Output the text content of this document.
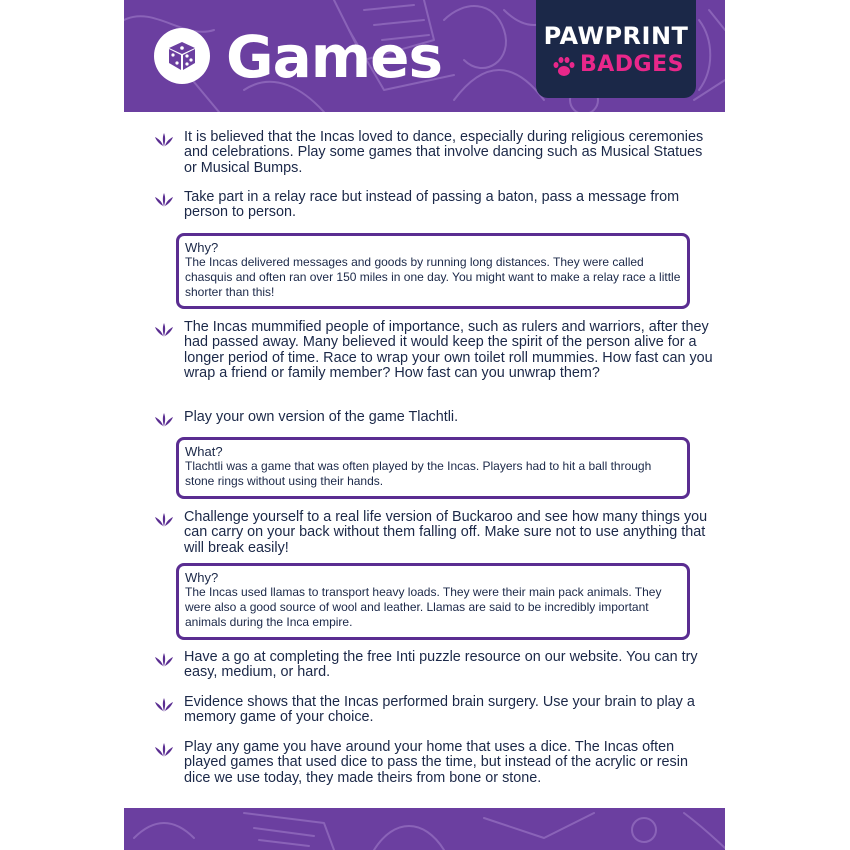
Games	PAWPRINT
BADGES
It is believed that the Incas loved to dance, especially during religious ceremonies and celebrations. Play some games that involve dancing such as Musical Statues or Musical Bumps.
Take part in a relay race but instead of passing a baton, pass a message from person to person.
Why?
The Incas delivered messages and goods by running long distances. They were called chasquis and often ran over 150 miles in one day. You might want to make a relay race a little shorter than this!
The Incas mummified people of importance, such as rulers and warriors, after they had passed away. Many believed it would keep the spirit of the person alive for a longer period of time. Race to wrap your own toilet roll mummies. How fast can you wrap a friend or family member? How fast can you unwrap them?
Play your own version of the game Tlachtli.
What?
Tlachtli was a game that was often played by the Incas. Players had to hit a ball through stone rings without using their hands.
Challenge yourself to a real life version of Buckaroo and see how many things you can carry on your back without them falling off. Make sure not to use anything that will break easily!
Why?
The Incas used llamas to transport heavy loads. They were their main pack animals. They were also a good source of wool and leather. Llamas are said to be incredibly important animals during the Inca empire.
Have a go at completing the free Inti puzzle resource on our website. You can try easy, medium, or hard.
Evidence shows that the Incas performed brain surgery. Use your brain to play a memory game of your choice.
Play any game you have around your home that uses a dice. The Incas often played games that used dice to pass the time, but instead of the acrylic or resin dice we use today, they made theirs from bone or stone.
